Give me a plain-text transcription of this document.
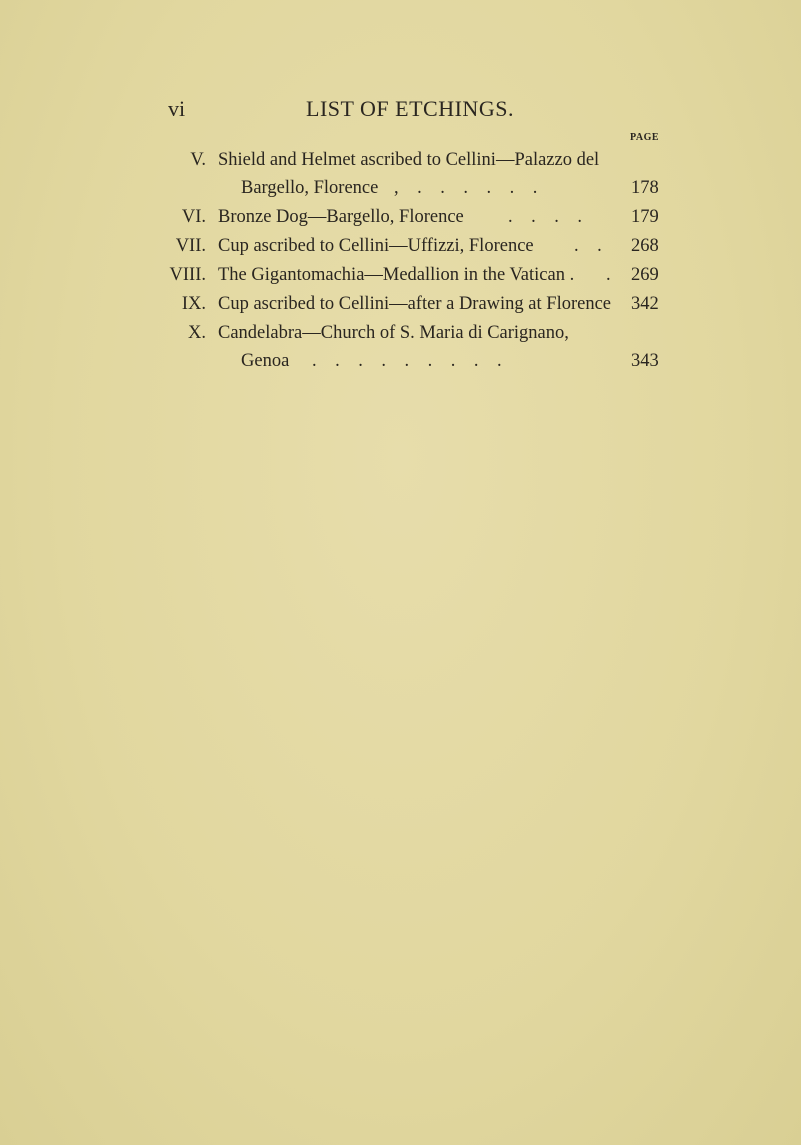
vi	LIST OF ETCHINGS.
PAGE
V. Shield and Helmet ascribed to Cellini—Palazzo del
Bargello, Florence ,    .    .    .    .    .    .	178
VI. Bronze Dog—Bargello, Florence .    .    .    .	179
VII. Cup ascribed to Cellini—Uffizzi, Florence .    . 268
VIII. The Gigantomachia—Medallion in the Vatican . . 269
IX. Cup ascribed to Cellini—after a Drawing at Florence 342
X. Candelabra—Church of S. Maria di Carignano,
Genoa .    .    .    .    .    .    .    .    .	343
